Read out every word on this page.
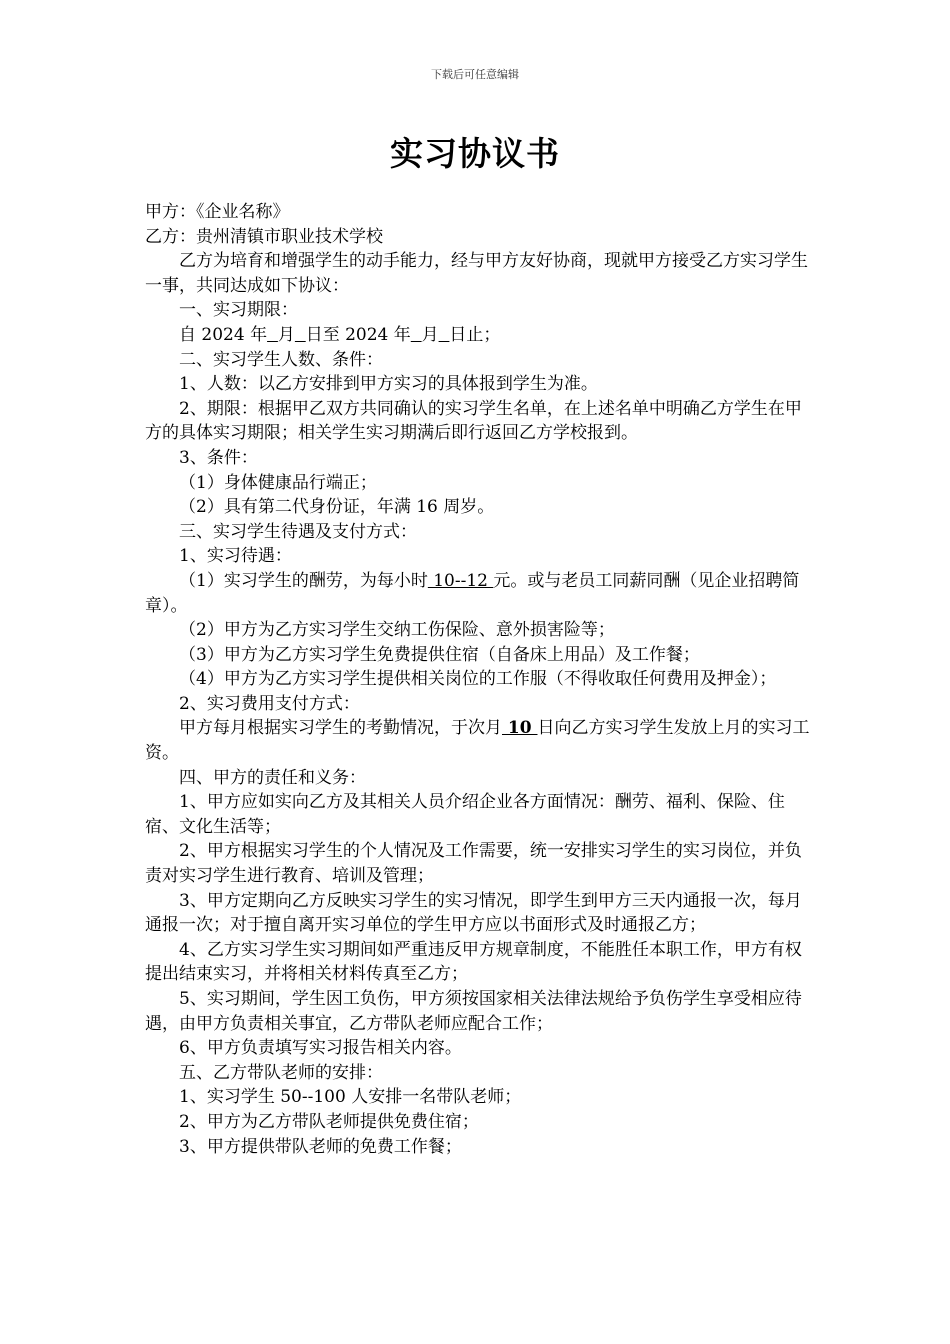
下载后可任意编辑
实习协议书

甲方：《企业名称》

乙方：贵州清镇市职业技术学校

乙方为培育和增强学生的动手能力，经与甲方友好协商，现就甲方接受乙方实习学生一事，共同达成如下协议：

一、实习期限：

自 2024 年 月 日至 2024 年 月 日止；

二、实习学生人数、条件：

1、人数：以乙方安排到甲方实习的具体报到学生为准。

2、期限：根据甲乙双方共同确认的实习学生名单，在上述名单中明确乙方学生在甲方的具体实习期限；相关学生实习期满后即行返回乙方学校报到。

3、条件：

（1）身体健康品行端正；

（2）具有第二代身份证，年满 16 周岁。

三、实习学生待遇及支付方式：

1、实习待遇：

（1）实习学生的酬劳，为每小时 10--12 元。或与老员工同薪同酬（见企业招聘简章）。

（2）甲方为乙方实习学生交纳工伤保险、意外损害险等；

（3）甲方为乙方实习学生免费提供住宿（自备床上用品）及工作餐；

（4）甲方为乙方实习学生提供相关岗位的工作服（不得收取任何费用及押金）；

2、实习费用支付方式：

甲方每月根据实习学生的考勤情况，于次月 10 日向乙方实习学生发放上月的实习工资。

四、甲方的责任和义务：

1、甲方应如实向乙方及其相关人员介绍企业各方面情况：酬劳、福利、保险、住宿、文化生活等；

2、甲方根据实习学生的个人情况及工作需要，统一安排实习学生的实习岗位，并负责对实习学生进行教育、培训及管理；

3、甲方定期向乙方反映实习学生的实习情况，即学生到甲方三天内通报一次，每月通报一次；对于擅自离开实习单位的学生甲方应以书面形式及时通报乙方；

4、乙方实习学生实习期间如严重违反甲方规章制度，不能胜任本职工作，甲方有权提出结束实习，并将相关材料传真至乙方；

5、实习期间，学生因工负伤，甲方须按国家相关法律法规给予负伤学生享受相应待遇，由甲方负责相关事宜，乙方带队老师应配合工作；

6、甲方负责填写实习报告相关内容。

五、乙方带队老师的安排：

1、实习学生 50--100 人安排一名带队老师；

2、甲方为乙方带队老师提供免费住宿；

3、甲方提供带队老师的免费工作餐；
